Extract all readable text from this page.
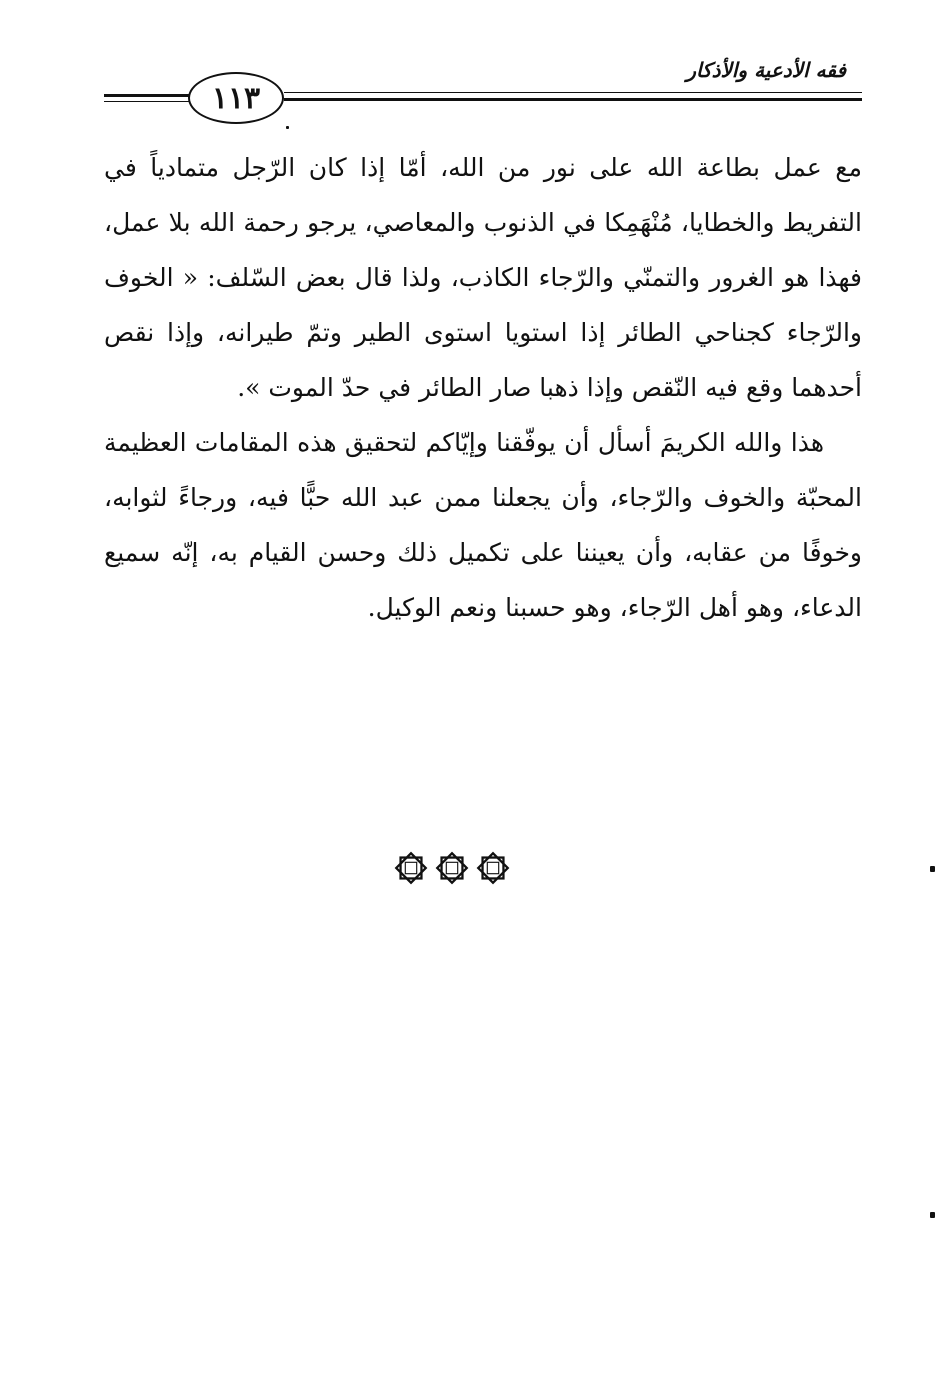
فقه الأدعية والأذكار
١١٣

مع عمل بطاعة الله على نور من الله، أمّا إذا كان الرّجل متمادياً في التفريط والخطايا، مُنْهَمِكا في الذنوب والمعاصي، يرجو رحمة الله بلا عمل، فهذا هو الغرور والتمنّي والرّجاء الكاذب، ولذا قال بعض السّلف: « الخوف والرّجاء كجناحي الطائر إذا استويا استوى الطير وتمّ طيرانه، وإذا نقص أحدهما وقع فيه النّقص وإذا ذهبا صار الطائر في حدّ الموت ».

هذا والله الكريمَ أسأل أن يوفّقنا وإيّاكم لتحقيق هذه المقامات العظيمة المحبّة والخوف والرّجاء، وأن يجعلنا ممن عبد الله حبًّا فيه، ورجاءً لثوابه، وخوفًا من عقابه، وأن يعيننا على تكميل ذلك وحسن القيام به، إنّه سميع الدعاء، وهو أهل الرّجاء، وهو حسبنا ونعم الوكيل.
